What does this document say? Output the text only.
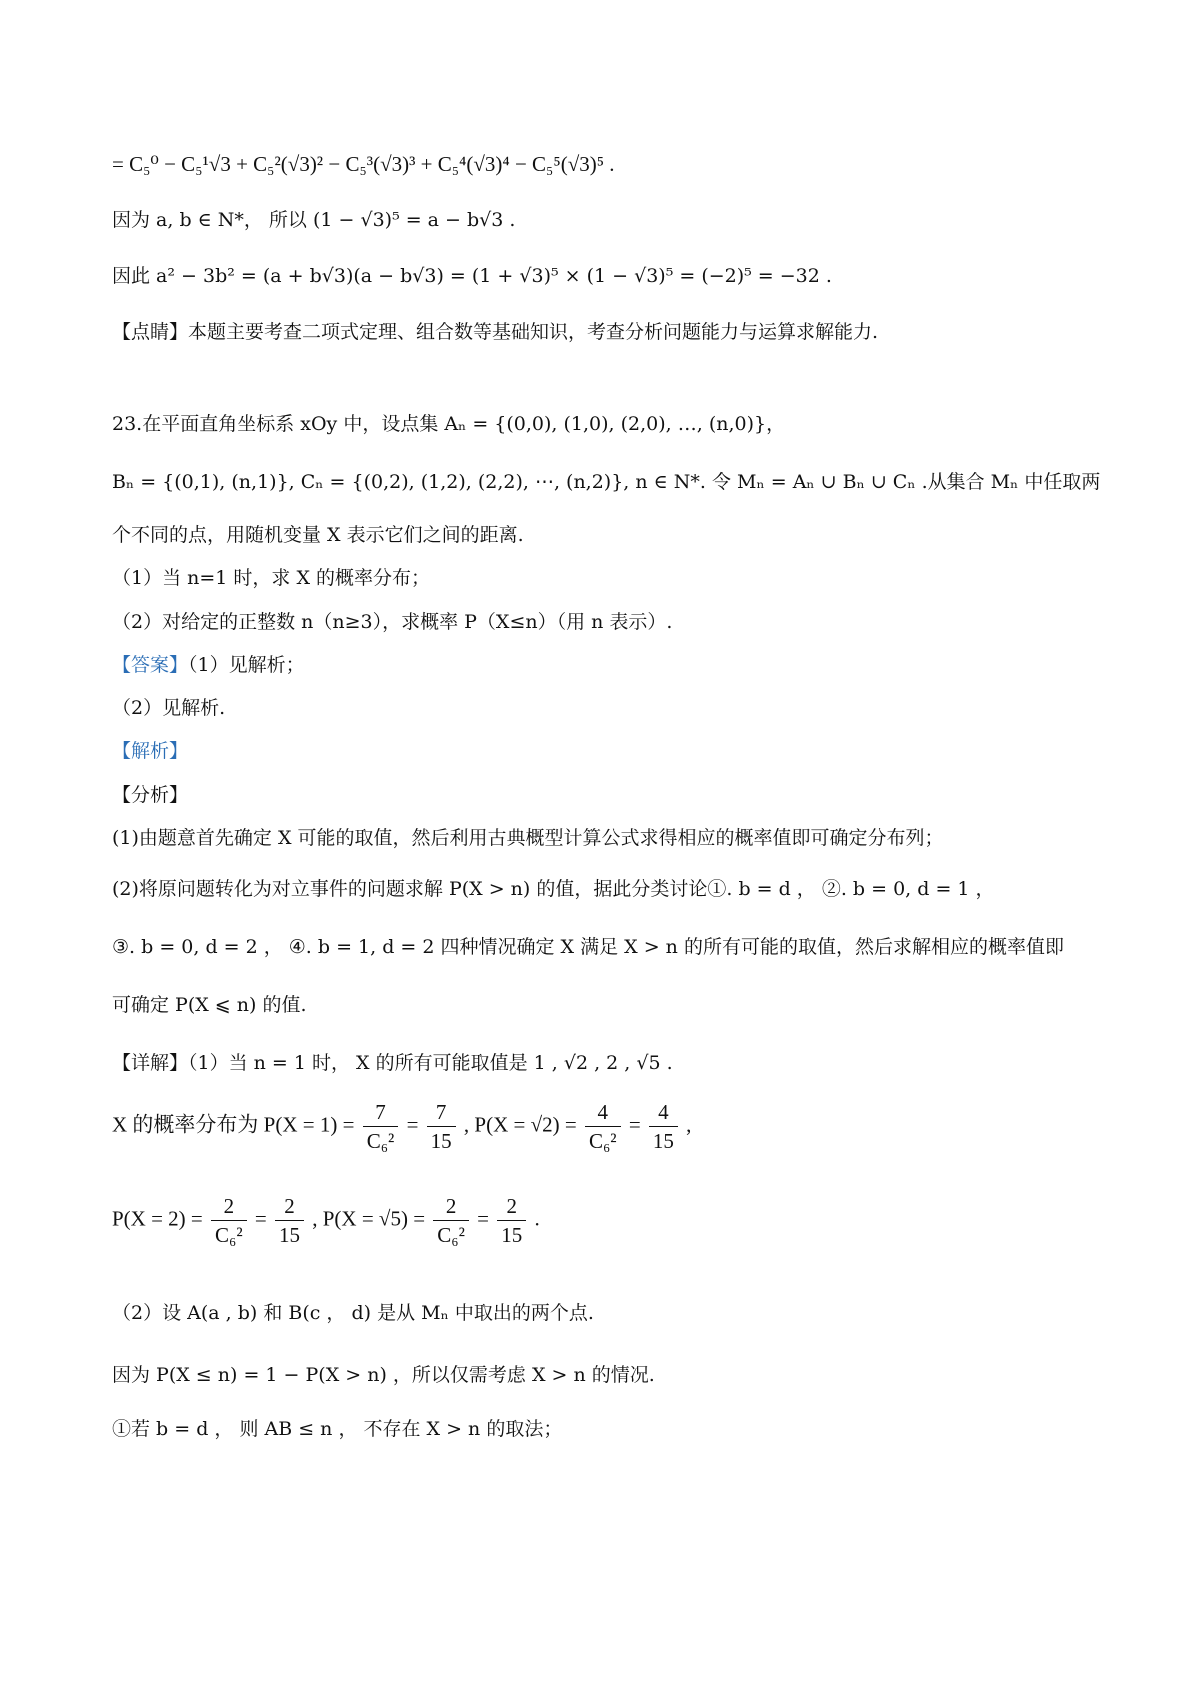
= C₅⁰ − C₅¹√3 + C₅²(√3)² − C₅³(√3)³ + C₅⁴(√3)⁴ − C₅⁵(√3)⁵ .
因为 a, b ∈ N*， 所以 (1 − √3)⁵ = a − b√3 .
因此 a² − 3b² = (a + b√3)(a − b√3) = (1 + √3)⁵ × (1 − √3)⁵ = (−2)⁵ = −32 .
【点睛】本题主要考查二项式定理、组合数等基础知识，考查分析问题能力与运算求解能力.
23.在平面直角坐标系 xOy 中，设点集 Aₙ = {(0,0), (1,0), (2,0), …, (n,0)}，
Bₙ = {(0,1), (n,1)}, Cₙ = {(0,2), (1,2), (2,2), ⋯, (n,2)}, n ∈ N*. 令 Mₙ = Aₙ ∪ Bₙ ∪ Cₙ .从集合 Mₙ 中任取两
个不同的点，用随机变量 X 表示它们之间的距离.
（1）当 n=1 时，求 X 的概率分布；
（2）对给定的正整数 n（n≥3），求概率 P（X≤n）（用 n 表示）.
【答案】（1）见解析；
（2）见解析.
【解析】
【分析】
(1)由题意首先确定 X 可能的取值，然后利用古典概型计算公式求得相应的概率值即可确定分布列；
(2)将原问题转化为对立事件的问题求解 P(X > n) 的值，据此分类讨论①. b = d ， ②. b = 0, d = 1 ，
③. b = 0, d = 2 ， ④. b = 1, d = 2 四种情况确定 X 满足 X > n 的所有可能的取值，然后求解相应的概率值即
可确定 P(X ⩽ n) 的值.
【详解】（1）当 n = 1 时， X 的所有可能取值是 1 , √2 , 2 , √5 .
X 的概率分布为 $P(X = 1) = \frac{7}{\text{C₆²}} = \frac{7}{15}$ , $P(X = √2) = \frac{4}{\text{C₆²}} = \frac{4}{15}$ ,
$P(X = 2) = \frac{2}{\text{C₆²}} = \frac{2}{15}$ , $P(X = √5) = \frac{2}{\text{C₆²}} = \frac{2}{15}$ .
（2）设 A(a , b) 和 B(c ， d) 是从 Mₙ 中取出的两个点.
因为 P(X ≤ n) = 1 − P(X > n) ，所以仅需考虑 X > n 的情况.
①若 b = d ， 则 AB ≤ n ， 不存在 X > n 的取法；
